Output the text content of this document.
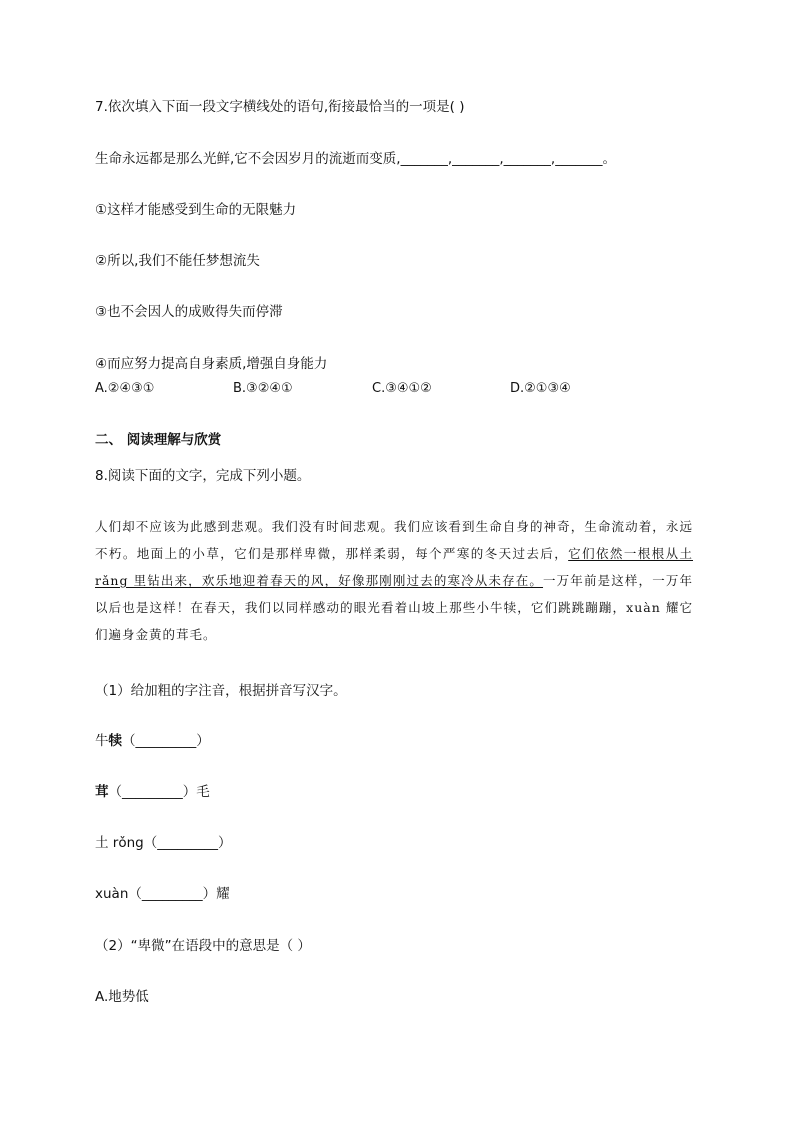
7.依次填入下面一段文字横线处的语句,衔接最恰当的一项是( )
生命永远都是那么光鲜,它不会因岁月的流逝而变质,_______,_______,_______,_______。
①这样才能感受到生命的无限魅力
②所以,我们不能任梦想流失
③也不会因人的成败得失而停滞
④而应努力提高自身素质,增强自身能力
A.②④③①	B.③②④①	C.③④①②	D.②①③④
二、 阅读理解与欣赏
8.阅读下面的文字，完成下列小题。
人们却不应该为此感到悲观。我们没有时间悲观。我们应该看到生命自身的神奇，生命流动着，永远不朽。地面上的小草，它们是那样卑微，那样柔弱，每个严寒的冬天过去后，它们依然一根根从土 rǎng 里钻出来，欢乐地迎着春天的风，好像那刚刚过去的寒冷从未存在。一万年前是这样，一万年以后也是这样！在春天，我们以同样感动的眼光看着山坡上那些小牛犊，它们跳跳蹦蹦，xuàn 耀它们遍身金黄的茸毛。
（1）给加粗的字注音，根据拼音写汉字。
牛犊（_________）
茸（_________）毛
土 rǒng（_________）
xuàn（_________）耀
（2）“卑微”在语段中的意思是（ ）
A.地势低
